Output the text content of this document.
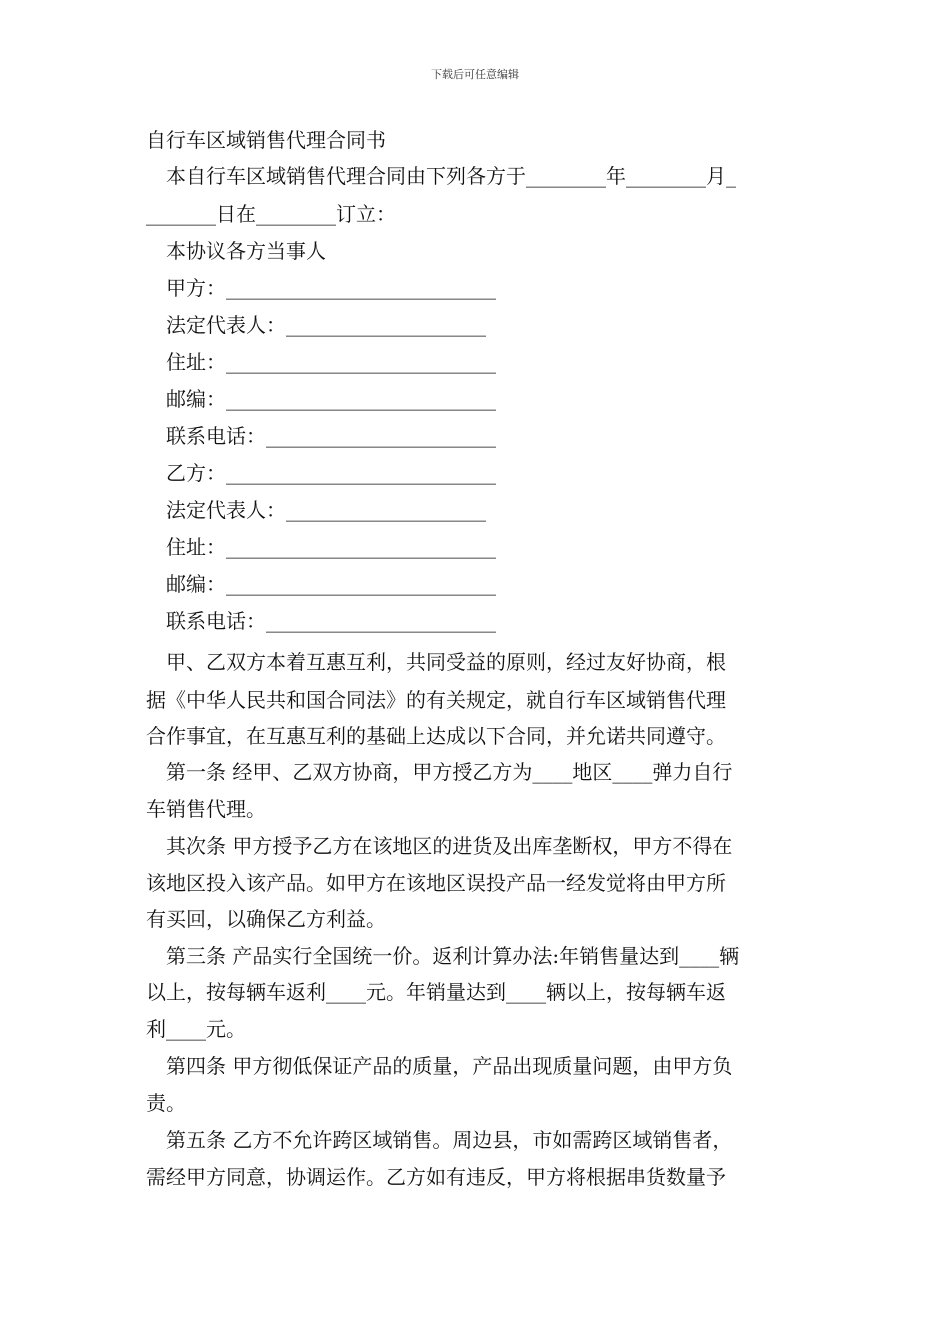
下载后可任意编辑
自行车区域销售代理合同书
本自行车区域销售代理合同由下列各方于________年________月_
_______日在________订立：
本协议各方当事人
甲方：___________________________
法定代表人：____________________
住址：___________________________
邮编：___________________________
联系电话：_______________________
乙方：___________________________
法定代表人：____________________
住址：___________________________
邮编：___________________________
联系电话：_______________________
甲、乙双方本着互惠互利，共同受益的原则，经过友好协商，根
据《中华人民共和国合同法》的有关规定，就自行车区域销售代理
合作事宜，在互惠互利的基础上达成以下合同，并允诺共同遵守。
第一条 经甲、乙双方协商，甲方授乙方为____地区____弹力自行
车销售代理。
其次条 甲方授予乙方在该地区的进货及出库垄断权，甲方不得在
该地区投入该产品。如甲方在该地区误投产品一经发觉将由甲方所
有买回，以确保乙方利益。
第三条 产品实行全国统一价。返利计算办法:年销售量达到____辆
以上，按每辆车返利____元。年销量达到____辆以上，按每辆车返
利____元。
第四条 甲方彻低保证产品的质量，产品出现质量问题，由甲方负
责。
第五条 乙方不允许跨区域销售。周边县，市如需跨区域销售者，
需经甲方同意，协调运作。乙方如有违反，甲方将根据串货数量予
